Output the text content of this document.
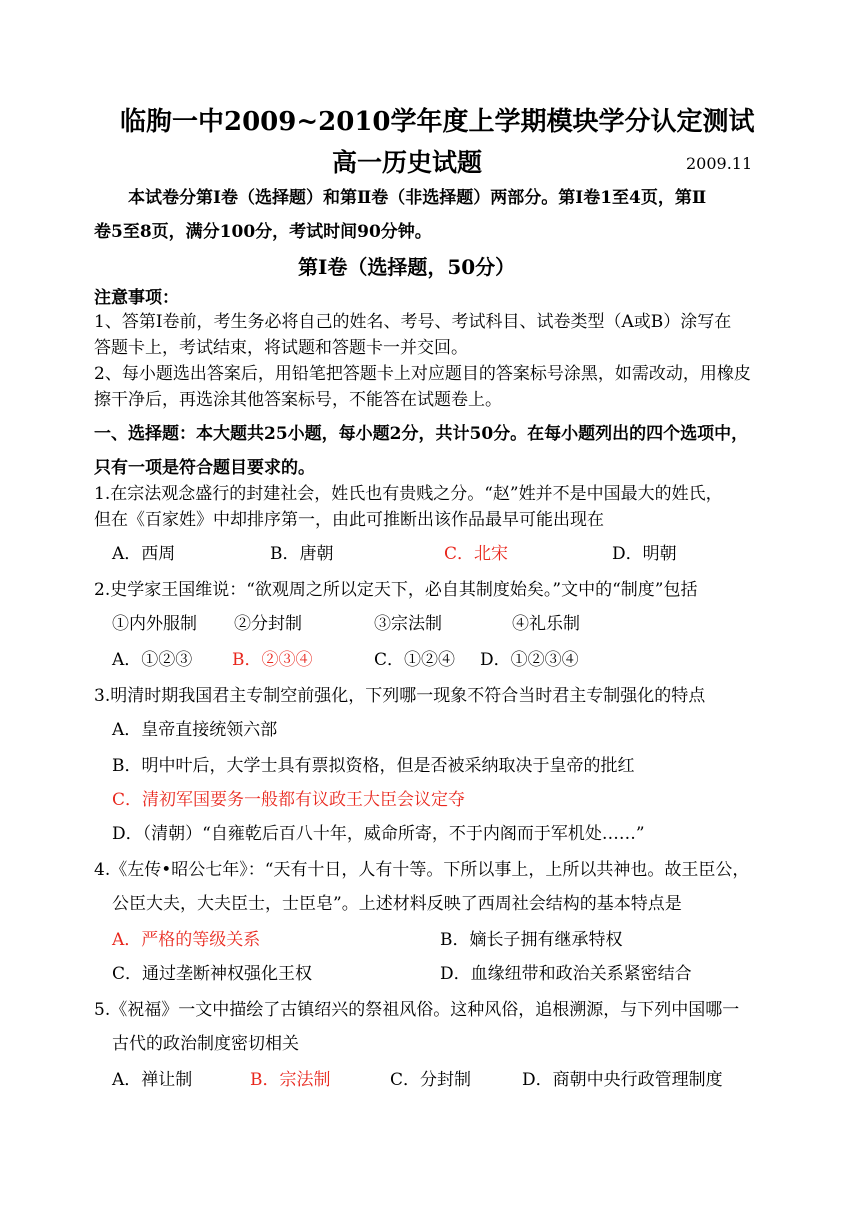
临朐一中2009~2010学年度上学期模块学分认定测试
高一历史试题	2009.11
本试卷分第Ⅰ卷（选择题）和第Ⅱ卷（非选择题）两部分。第Ⅰ卷1至4页，第Ⅱ
卷5至8页，满分100分，考试时间90分钟。
第Ⅰ卷（选择题，50分）
注意事项：
1、答第Ⅰ卷前，考生务必将自己的姓名、考号、考试科目、试卷类型（A或B）涂写在
答题卡上，考试结束，将试题和答题卡一并交回。
2、每小题选出答案后，用铅笔把答题卡上对应题目的答案标号涂黑，如需改动，用橡皮
擦干净后，再选涂其他答案标号，不能答在试题卷上。
一、选择题：本大题共25小题，每小题2分，共计50分。在每小题列出的四个选项中，
只有一项是符合题目要求的。
1.在宗法观念盛行的封建社会，姓氏也有贵贱之分。“赵”姓并不是中国最大的姓氏，
但在《百家姓》中却排序第一，由此可推断出该作品最早可能出现在
A．西周	B．唐朝	C．北宋	D．明朝
2.史学家王国维说：“欲观周之所以定天下，必自其制度始矣。”文中的“制度”包括
①内外服制 ②分封制	③宗法制	④礼乐制
A．①②③ B．②③④	C．①②④ D．①②③④
3.明清时期我国君主专制空前强化，下列哪一现象不符合当时君主专制强化的特点
A．皇帝直接统领六部
B．明中叶后，大学士具有票拟资格，但是否被采纳取决于皇帝的批红
C．清初军国要务一般都有议政王大臣会议定夺
D．（清朝）“自雍乾后百八十年，威命所寄，不于内阁而于军机处……”
4.《左传•昭公七年》：“天有十日，人有十等。下所以事上，上所以共神也。故王臣公，
公臣大夫，大夫臣士，士臣皂”。上述材料反映了西周社会结构的基本特点是
A．严格的等级关系	B．嫡长子拥有继承特权
C．通过垄断神权强化王权	D．血缘纽带和政治关系紧密结合
5.《祝福》一文中描绘了古镇绍兴的祭祖风俗。这种风俗，追根溯源，与下列中国哪一
古代的政治制度密切相关
A．禅让制	B．宗法制	C．分封制	D．商朝中央行政管理制度
